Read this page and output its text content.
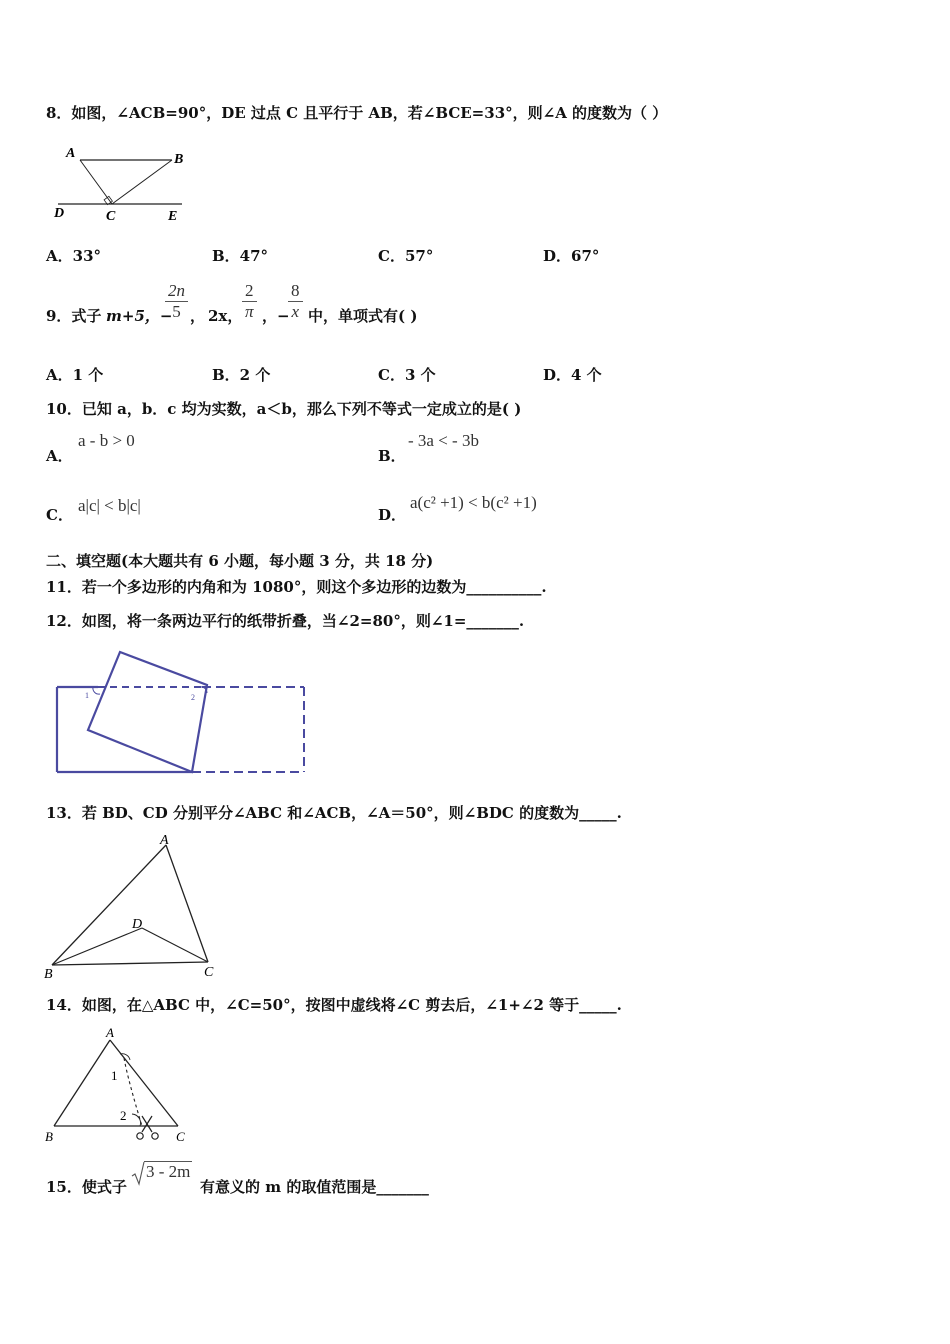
8．如图，∠ACB=90°，DE 过点 C 且平行于 AB，若∠BCE=33°，则∠A 的度数为（ ）
A	B
D	C	E
A．33°	B．47°	C．57°	D．67°
9．式子 m+5，−
$\frac{2n}{5}$ ， 2x， $\frac{2}{\pi}$ ，−
$\frac{8}{x}$ 中，单项式有( )
A．1 个	B．2 个	C．3 个	D．4 个
10．已知 a，b．c 均为实数，a＜b，那么下列不等式一定成立的是( )
A．
a - b > 0
B．
- 3a < - 3b
C． a|c| < b|c|	D．
a(c² +1) < b(c² +1)
二、填空题(本大题共有 6 小题，每小题 3 分，共 18 分)
11．若一个多边形的内角和为 1080°，则这个多边形的边数为__________.
12．如图，将一条两边平行的纸带折叠，当∠2=80°，则∠1=_______.
1	2
13．若 BD、CD 分别平分∠ABC 和∠ACB，∠A＝50°，则∠BDC 的度数为_____.
A
D
B	C
14．如图，在△ABC 中，∠C=50°，按图中虚线将∠C 剪去后，∠1+∠2 等于_____.
A
1
2
B	C
15．使式子
3 - 2m
有意义的 m 的取值范围是_______
